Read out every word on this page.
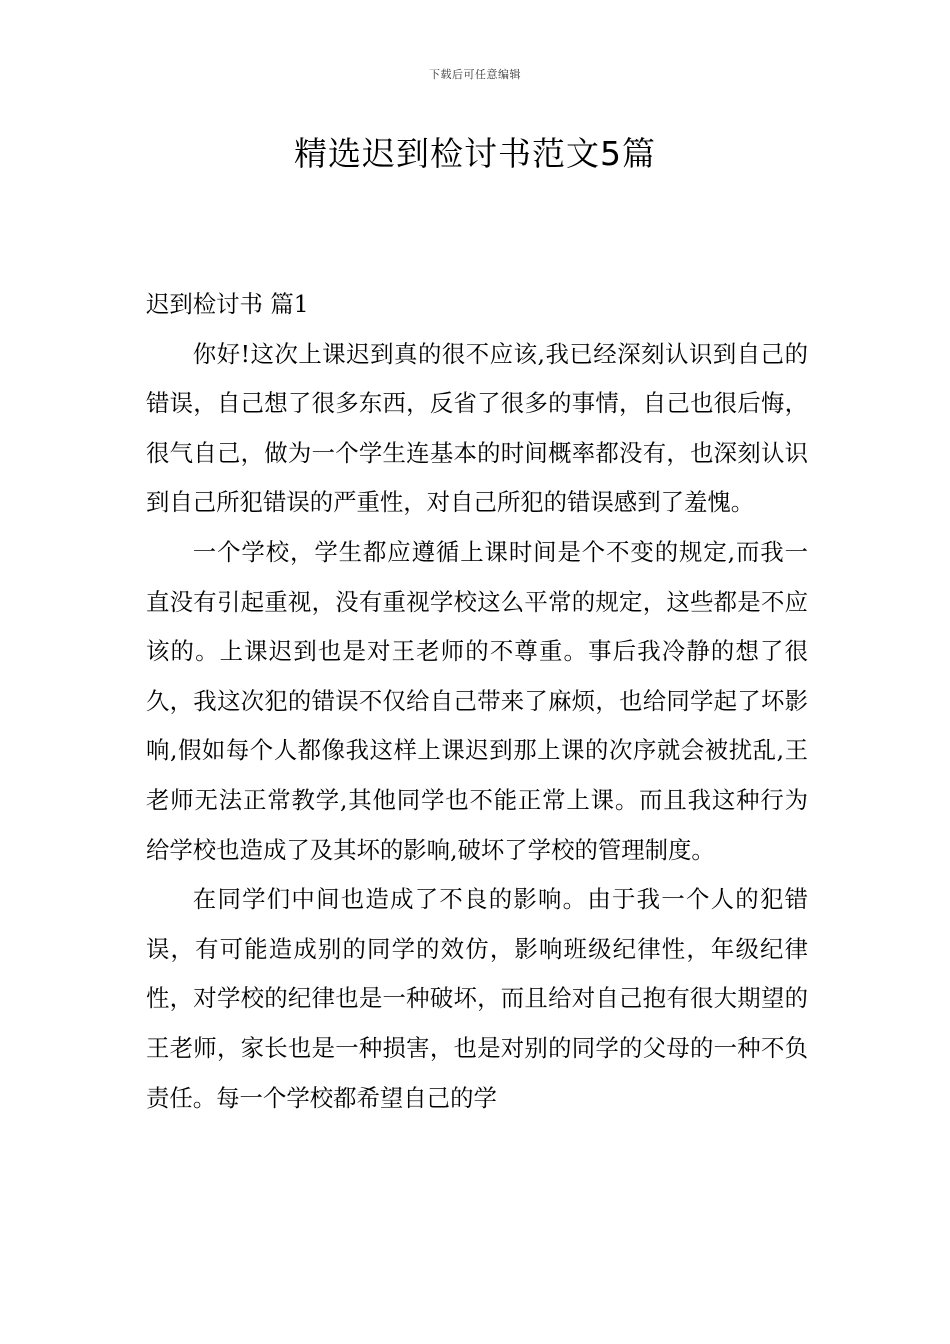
下载后可任意编辑
精选迟到检讨书范文5篇
迟到检讨书 篇1

你好!这次上课迟到真的很不应该,我已经深刻认识到自己的错误，自己想了很多东西，反省了很多的事情，自己也很后悔，很气自己，做为一个学生连基本的时间概率都没有，也深刻认识到自己所犯错误的严重性，对自己所犯的错误感到了羞愧。

一个学校，学生都应遵循上课时间是个不变的规定,而我一直没有引起重视，没有重视学校这么平常的规定，这些都是不应该的。上课迟到也是对王老师的不尊重。事后我冷静的想了很久，我这次犯的错误不仅给自己带来了麻烦，也给同学起了坏影响,假如每个人都像我这样上课迟到那上课的次序就会被扰乱,王老师无法正常教学,其他同学也不能正常上课。而且我这种行为给学校也造成了及其坏的影响,破坏了学校的管理制度。

在同学们中间也造成了不良的影响。由于我一个人的犯错误，有可能造成别的同学的效仿，影响班级纪律性，年级纪律性，对学校的纪律也是一种破坏，而且给对自己抱有很大期望的王老师，家长也是一种损害，也是对别的同学的父母的一种不负责任。每一个学校都希望自己的学
